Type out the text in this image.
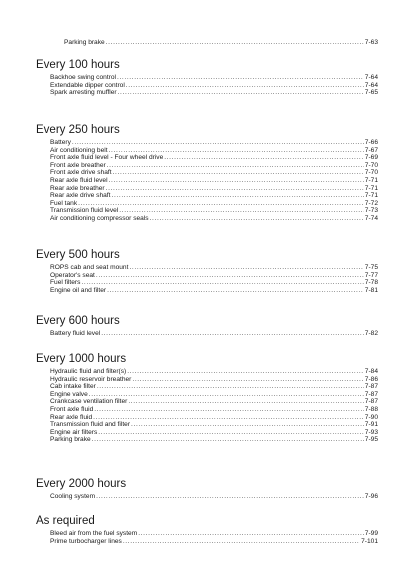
Parking brake . . .	7-63
Every 100 hours
Backhoe swing control . . .	7-64
Extendable dipper control . . .	7-64
Spark arresting muffler . . .	7-65
Every 250 hours
Battery . . .	7-66
Air conditioning belt . . .	7-67
Front axle fluid level - Four wheel drive . . .	7-69
Front axle breather . . .	7-70
Front axle drive shaft . . .	7-70
Rear axle fluid level . . .	7-71
Rear axle breather . . .	7-71
Rear axle drive shaft . . .	7-71
Fuel tank . . .	7-72
Transmission fluid level . . .	7-73
Air conditioning compressor seals . . .	7-74
Every 500 hours
ROPS cab and seat mount . . .	7-75
Operator's seat . . .	7-77
Fuel filters . . .	7-78
Engine oil and filter . . .	7-81
Every 600 hours
Battery fluid level . . .	7-82
Every 1000 hours
Hydraulic fluid and filter(s) . . .	7-84
Hydraulic reservoir breather . . .	7-86
Cab intake filter . . .	7-87
Engine valve . . .	7-87
Crankcase ventilation filter . . .	7-87
Front axle fluid . . .	7-88
Rear axle fluid . . .	7-90
Transmission fluid and filter . . .	7-91
Engine air filters . . .	7-93
Parking brake . . .	7-95
Every 2000 hours
Cooling system . . .	7-96
As required
Bleed air from the fuel system . . .	7-99
Prime turbocharger lines . . .	7-101
